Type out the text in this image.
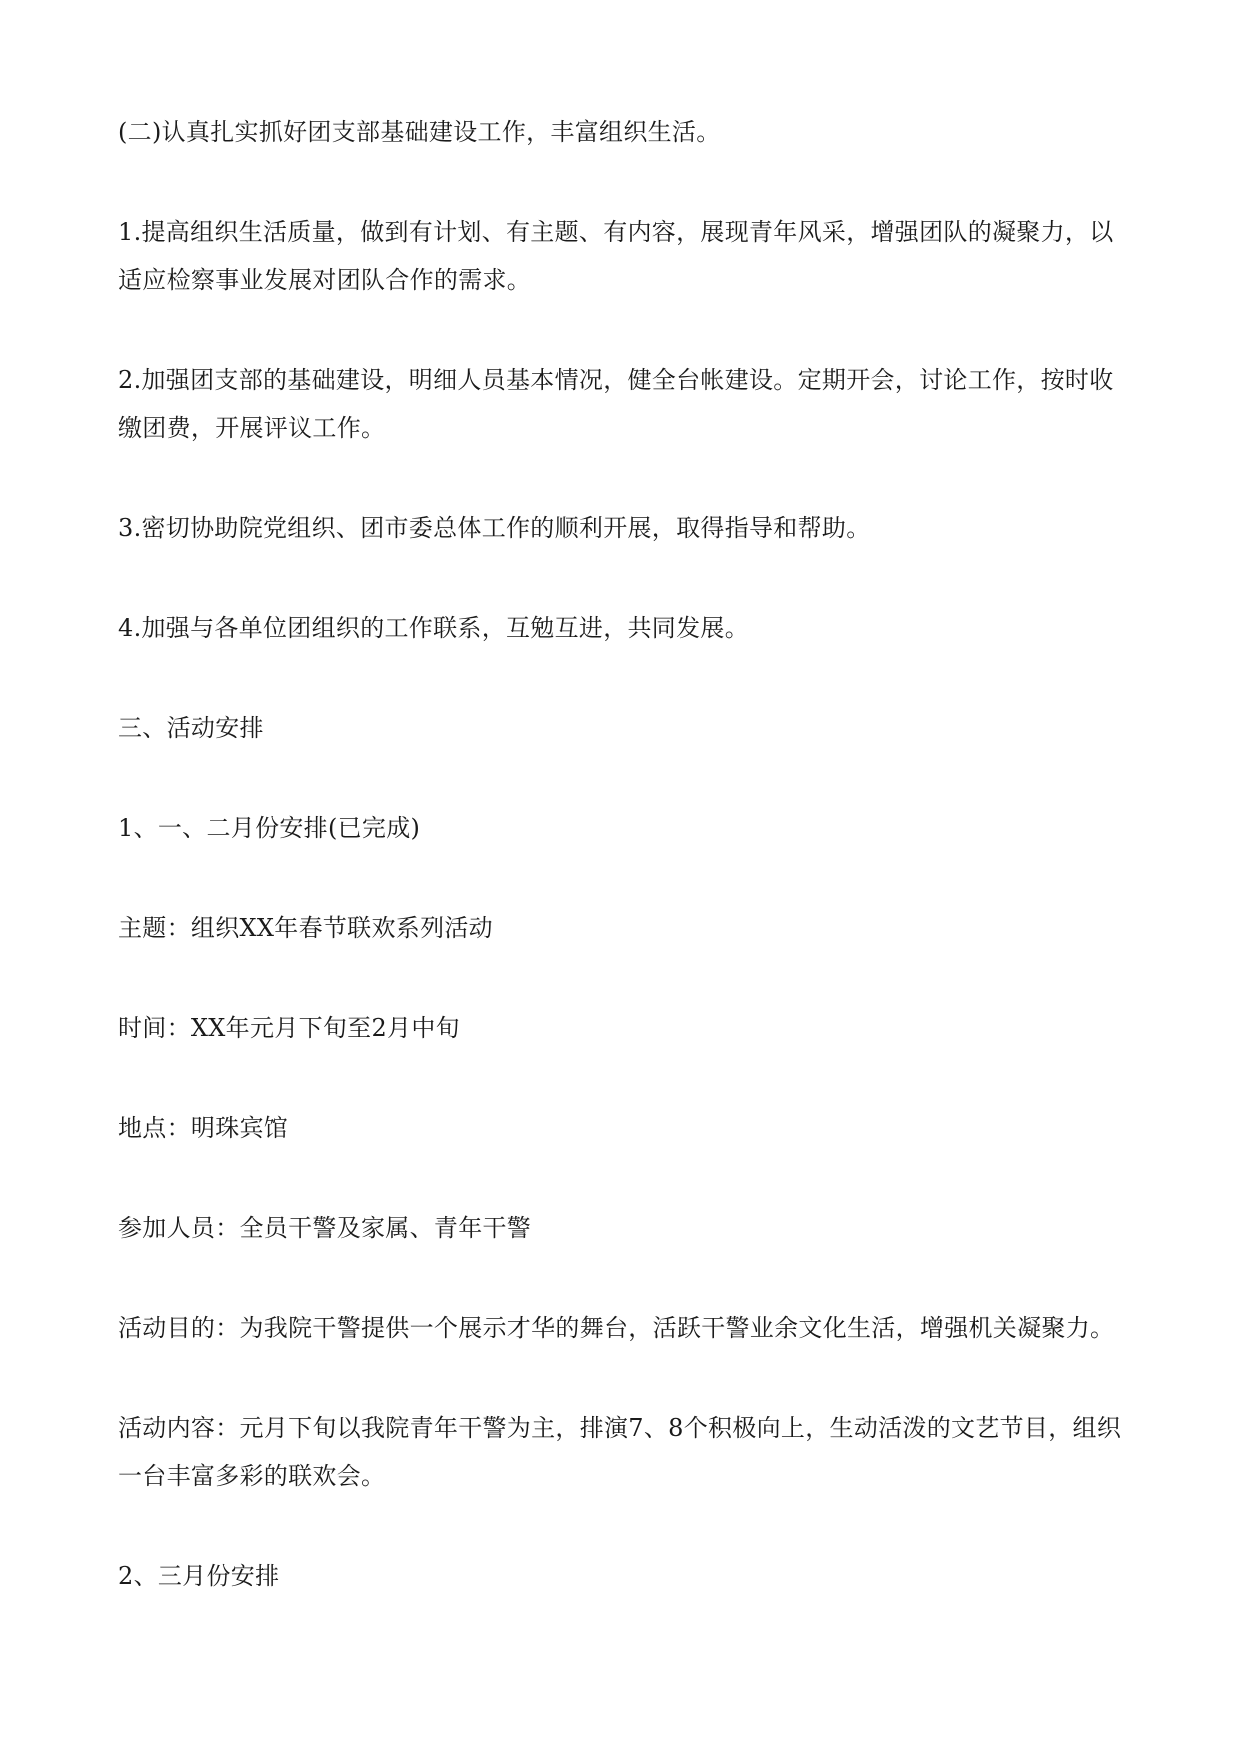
(二)认真扎实抓好团支部基础建设工作，丰富组织生活。

1.提高组织生活质量，做到有计划、有主题、有内容，展现青年风采，增强团队的凝聚力，以适应检察事业发展对团队合作的需求。

2.加强团支部的基础建设，明细人员基本情况，健全台帐建设。定期开会，讨论工作，按时收缴团费，开展评议工作。

3.密切协助院党组织、团市委总体工作的顺利开展，取得指导和帮助。

4.加强与各单位团组织的工作联系，互勉互进，共同发展。

三、活动安排

1、一、二月份安排(已完成)

主题：组织XX年春节联欢系列活动

时间：XX年元月下旬至2月中旬

地点：明珠宾馆

参加人员：全员干警及家属、青年干警

活动目的：为我院干警提供一个展示才华的舞台，活跃干警业余文化生活，增强机关凝聚力。

活动内容：元月下旬以我院青年干警为主，排演7、8个积极向上，生动活泼的文艺节目，组织一台丰富多彩的联欢会。

2、三月份安排
